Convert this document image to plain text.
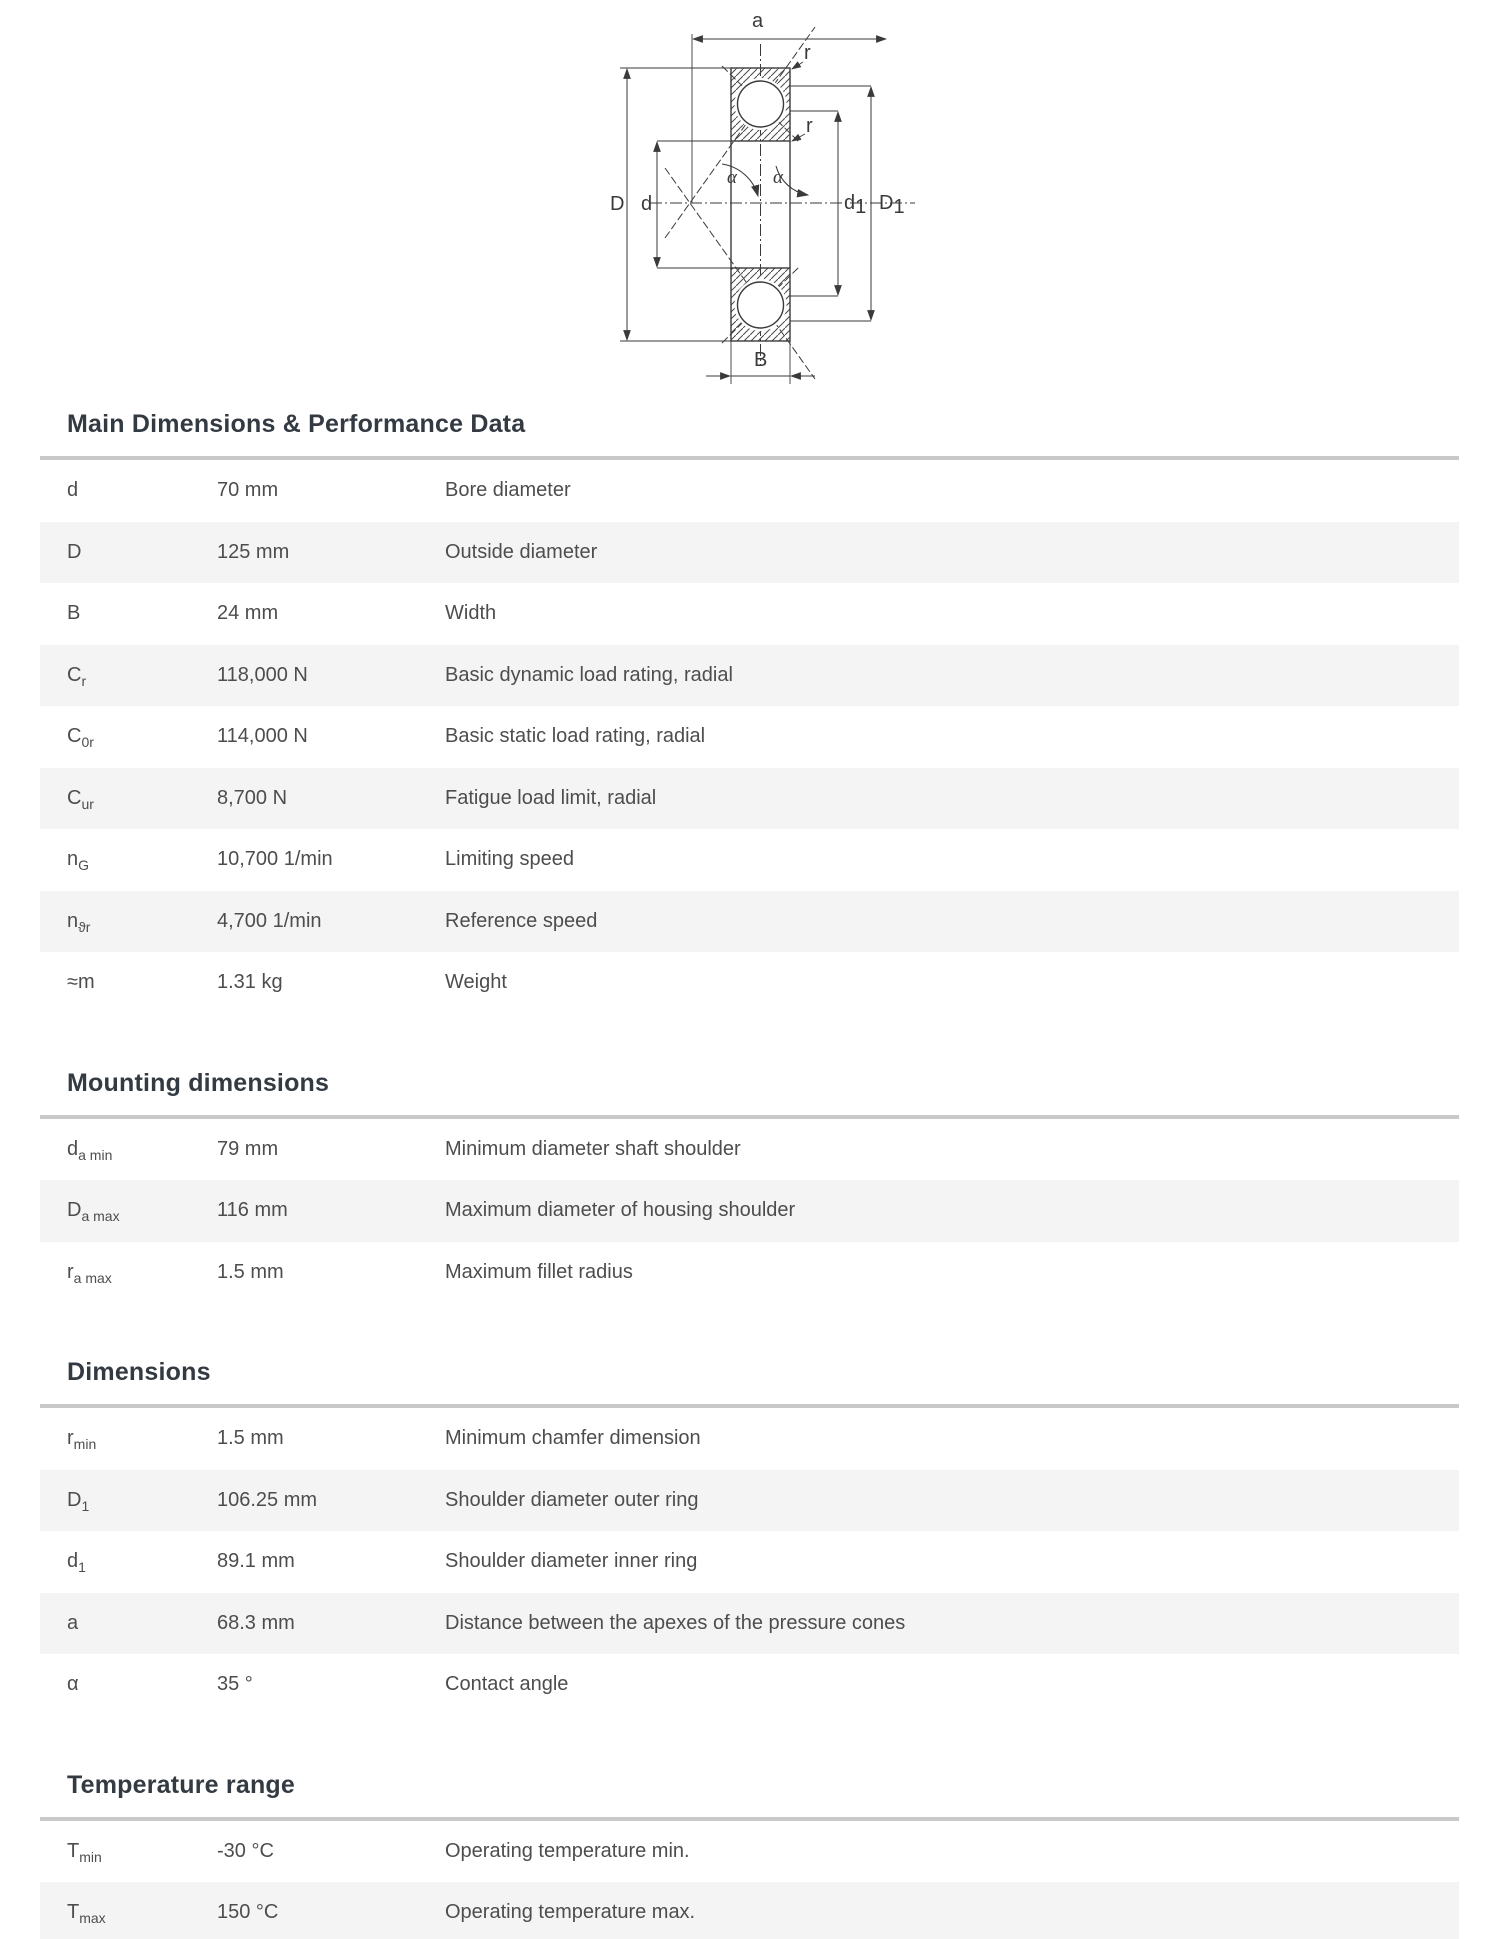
a
D d	d1 D1
B
r
r
α α
Main Dimensions & Performance Data
d	70 mm	Bore diameter
D	125 mm	Outside diameter
B	24 mm	Width
$C_r$	118,000 N	Basic dynamic load rating, radial
$C_{0r}$	114,000 N	Basic static load rating, radial
$C_{ur}$	8,700 N	Fatigue load limit, radial
$n_G$	10,700 1/min	Limiting speed
$n_{ϑr}$	4,700 1/min	Reference speed
≈m	1.31 kg	Weight
Mounting dimensions
$d_{a min}$	79 mm	Minimum diameter shaft shoulder
$D_{a max}$	116 mm	Maximum diameter of housing shoulder
$r_{a max}$	1.5 mm	Maximum fillet radius
Dimensions
$r_{min}$	1.5 mm	Minimum chamfer dimension
$D_1$	106.25 mm	Shoulder diameter outer ring
$d_1$	89.1 mm	Shoulder diameter inner ring
a	68.3 mm	Distance between the apexes of the pressure cones
α	35 °	Contact angle
Temperature range
$T_{min}$	-30 °C	Operating temperature min.
$T_{max}$	150 °C	Operating temperature max.
